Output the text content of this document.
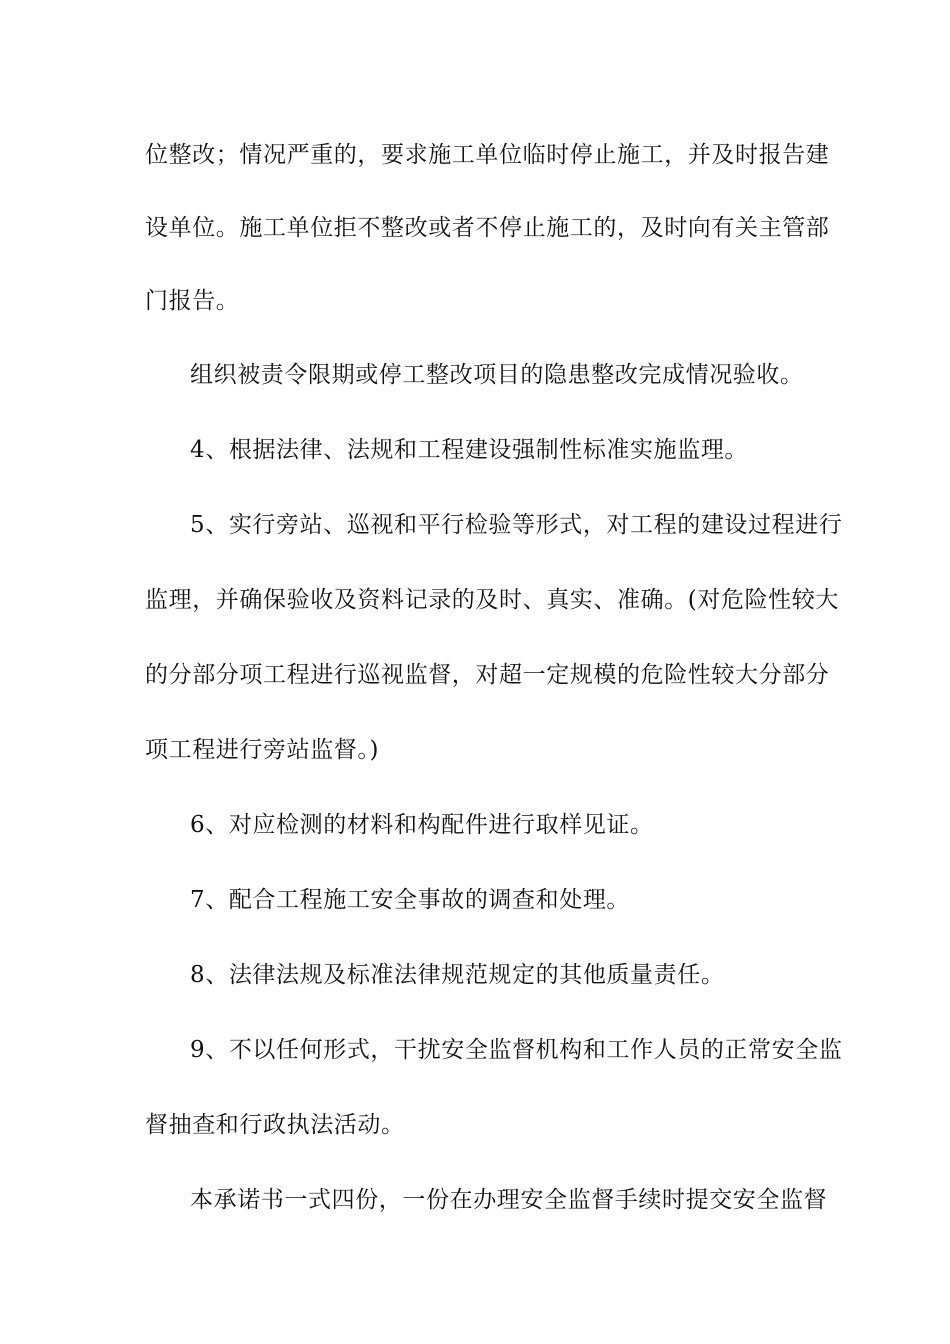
位整改；情况严重的，要求施工单位临时停止施工，并及时报告建
设单位。施工单位拒不整改或者不停止施工的，及时向有关主管部
门报告。
组织被责令限期或停工整改项目的隐患整改完成情况验收。
4、根据法律、法规和工程建设强制性标准实施监理。
5、实行旁站、巡视和平行检验等形式，对工程的建设过程进行
监理，并确保验收及资料记录的及时、真实、准确。(对危险性较大
的分部分项工程进行巡视监督，对超一定规模的危险性较大分部分
项工程进行旁站监督。)
6、对应检测的材料和构配件进行取样见证。
7、配合工程施工安全事故的调查和处理。
8、法律法规及标准法律规范规定的其他质量责任。
9、不以任何形式，干扰安全监督机构和工作人员的正常安全监
督抽查和行政执法活动。
本承诺书一式四份，一份在办理安全监督手续时提交安全监督
